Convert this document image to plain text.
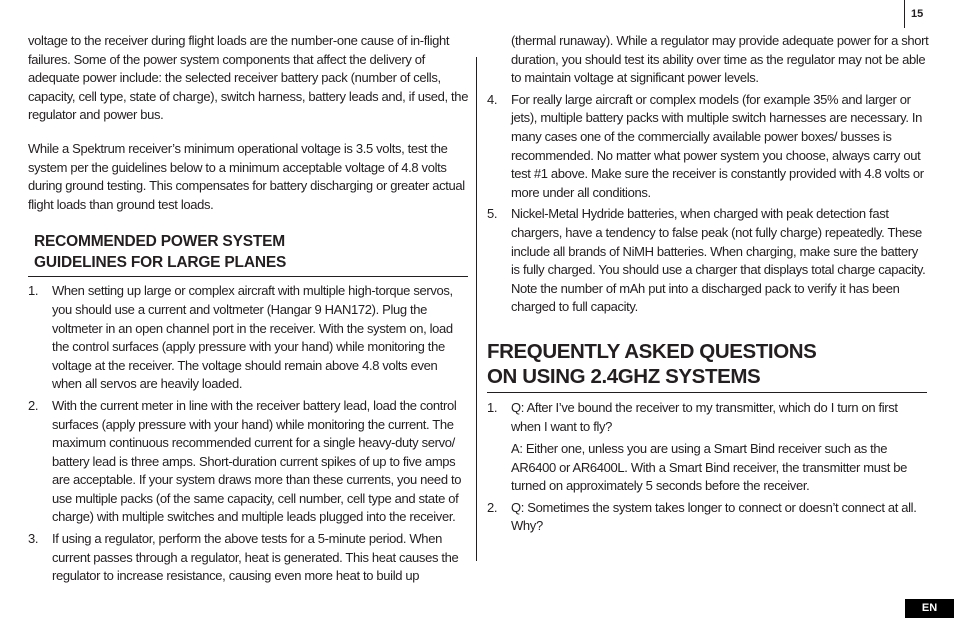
15

voltage to the receiver during flight loads are the number-one cause of in-flight failures. Some of the power system components that affect the delivery of adequate power include: the selected receiver battery pack (number of cells, capacity, cell type, state of charge), switch harness, battery leads and, if used, the regulator and power bus.

While a Spektrum receiver’s minimum operational voltage is 3.5 volts, test the system per the guidelines below to a minimum acceptable voltage of 4.8 volts during ground testing. This compensates for battery discharging or greater actual flight loads than ground test loads.

RECOMMENDED POWER SYSTEM
GUIDELINES FOR LARGE PLANES
1. When setting up large or complex aircraft with multiple high-torque servos, you should use a current and voltmeter (Hangar 9 HAN172). Plug the voltmeter in an open channel port in the receiver. With the system on, load the control surfaces (apply pressure with your hand) while monitoring the voltage at the receiver. The voltage should remain above 4.8 volts even when all servos are heavily loaded.
2. With the current meter in line with the receiver battery lead, load the control surfaces (apply pressure with your hand) while monitoring the current. The maximum continuous recommended current for a single heavy-duty servo/ battery lead is three amps. Short-duration current spikes of up to five amps are acceptable. If your system draws more than these currents, you need to use multiple packs (of the same capacity, cell number, cell type and state of charge) with multiple switches and multiple leads plugged into the receiver.
3. If using a regulator, perform the above tests for a 5-minute period. When current passes through a regulator, heat is generated. This heat causes the regulator to increase resistance, causing even more heat to build up

(thermal runaway). While a regulator may provide adequate power for a short duration, you should test its ability over time as the regulator may not be able to maintain voltage at significant power levels.

4. For really large aircraft or complex models (for example 35% and larger or jets), multiple battery packs with multiple switch harnesses are necessary. In many cases one of the commercially available power boxes/ busses is recommended. No matter what power system you choose, always carry out test #1 above. Make sure the receiver is constantly provided with 4.8 volts or more under all conditions.
5. Nickel-Metal Hydride batteries, when charged with peak detection fast chargers, have a tendency to false peak (not fully charge) repeatedly. These include all brands of NiMH batteries. When charging, make sure the battery is fully charged. You should use a charger that displays total charge capacity. Note the number of mAh put into a discharged pack to verify it has been charged to full capacity.
FREQUENTLY ASKED QUESTIONS
ON USING 2.4GHZ SYSTEMS
1. Q: After I’ve bound the receiver to my transmitter, which do I turn on first when I want to fly?
A: Either one, unless you are using a Smart Bind receiver such as the AR6400 or AR6400L. With a Smart Bind receiver, the transmitter must be turned on approximately 5 seconds before the receiver.
2. Q: Sometimes the system takes longer to connect or doesn’t connect at all. Why?
EN
